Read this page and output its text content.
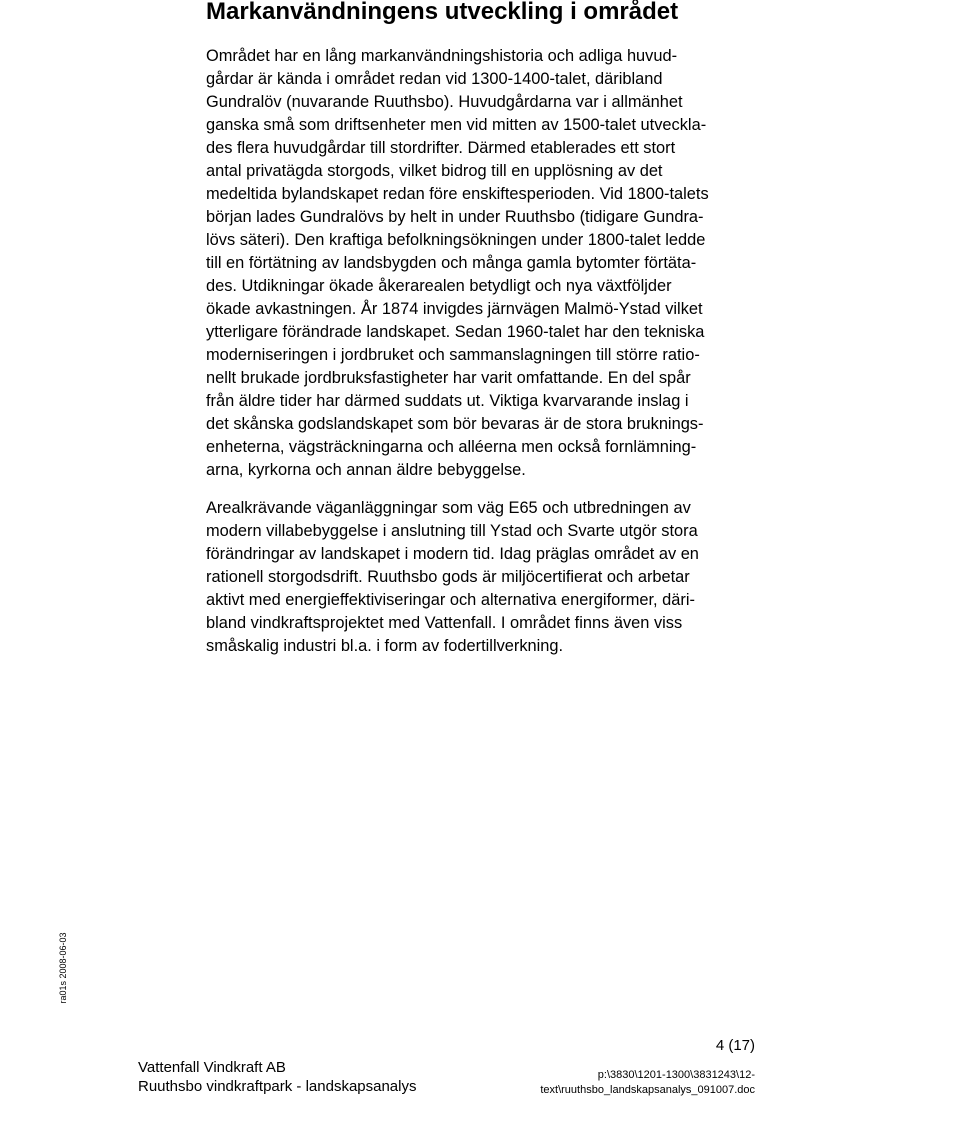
Markanvändningens utveckling i området
Området har en lång markanvändningshistoria och adliga huvud-
gårdar är kända i området redan vid 1300-1400-talet, däribland
Gundralöv (nuvarande Ruuthsbo). Huvudgårdarna var i allmänhet
ganska små som driftsenheter men vid mitten av 1500-talet utveckla-
des flera huvudgårdar till stordrifter. Därmed etablerades ett stort
antal privatägda storgods, vilket bidrog till en upplösning av det
medeltida bylandskapet redan före enskiftesperioden. Vid 1800-talets
början lades Gundralövs by helt in under Ruuthsbo (tidigare Gundra-
lövs säteri). Den kraftiga befolkningsökningen under 1800-talet ledde
till en förtätning av landsbygden och många gamla bytomter förtäta-
des. Utdikningar ökade åkerarealen betydligt och nya växtföljder
ökade avkastningen. År 1874 invigdes järnvägen Malmö-Ystad vilket
ytterligare förändrade landskapet. Sedan 1960-talet har den tekniska
moderniseringen i jordbruket och sammanslagningen till större ratio-
nellt brukade jordbruksfastigheter har varit omfattande. En del spår
från äldre tider har därmed suddats ut. Viktiga kvarvarande inslag i
det skånska godslandskapet som bör bevaras är de stora bruknings-
enheterna, vägsträckningarna och alléerna men också fornlämning-
arna, kyrkorna och annan äldre bebyggelse.
Arealkrävande väganläggningar som väg E65 och utbredningen av
modern villabebyggelse i anslutning till Ystad och Svarte utgör stora
förändringar av landskapet i modern tid. Idag präglas området av en
rationell storgodsdrift. Ruuthsbo gods är miljöcertifierat och arbetar
aktivt med energieffektiviseringar och alternativa energiformer, däri-
bland vindkraftsprojektet med Vattenfall. I området finns även viss
småskalig industri bl.a. i form av fodertillverkning.
ra01s 2008-06-03
4 (17)
Vattenfall Vindkraft AB
Ruuthsbo vindkraftpark - landskapsanalys
p:\3830\1201-1300\3831243\12-
text\ruuthsbo_landskapsanalys_091007.doc
